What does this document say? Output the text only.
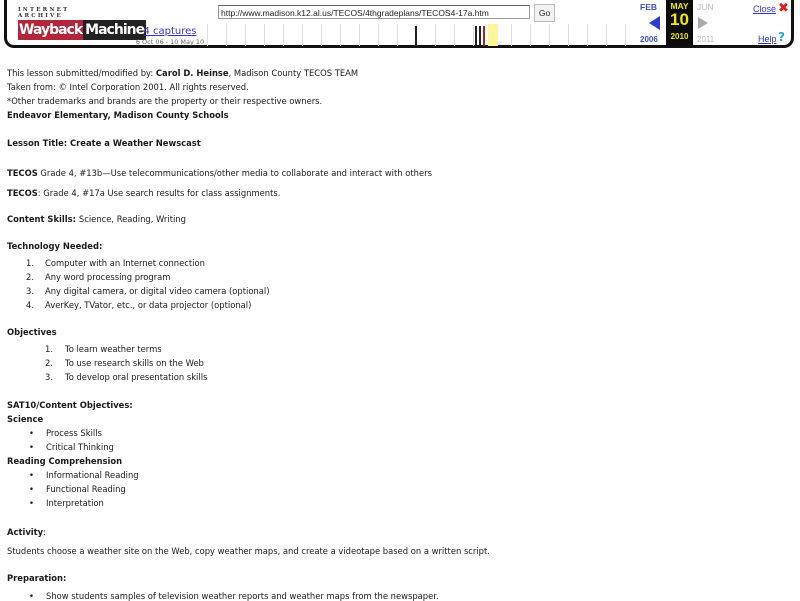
INTERNET ARCHIVE
Wayback Machine 4 captures
6 Oct 06 - 10 May 10
http://www.madison.k12.al.us/TECOS/4thgradeplans/TECOS4-17a.htm	Go
FEB
2006
MAY
10
2010
JUN
2011
Close ✖
Help ?
This lesson submitted/modified by: Carol D. Heinse, Madison County TECOS TEAM
Taken from: © Intel Corporation 2001. All rights reserved.
*Other trademarks and brands are the property or their respective owners.
Endeavor Elementary, Madison County Schools
Lesson Title: Create a Weather Newscast
TECOS Grade 4, #13b—Use telecommunications/other media to collaborate and interact with others
TECOS: Grade 4, #17a Use search results for class assignments.
Content Skills: Science, Reading, Writing
Technology Needed:
1. Computer with an Internet connection
2. Any word processing program
3. Any digital camera, or digital video camera (optional)
4. AverKey, TVator, etc., or data projector (optional)
Objectives
1. To learn weather terms
2. To use research skills on the Web
3. To develop oral presentation skills
SAT10/Content Objectives:
Science
• Process Skills
• Critical Thinking
Reading Comprehension
• Informational Reading
• Functional Reading
• Interpretation
Activity:
Students choose a weather site on the Web, copy weather maps, and create a videotape based on a written script.
Preparation:
•	Show students samples of television weather reports and weather maps from the newspaper.
